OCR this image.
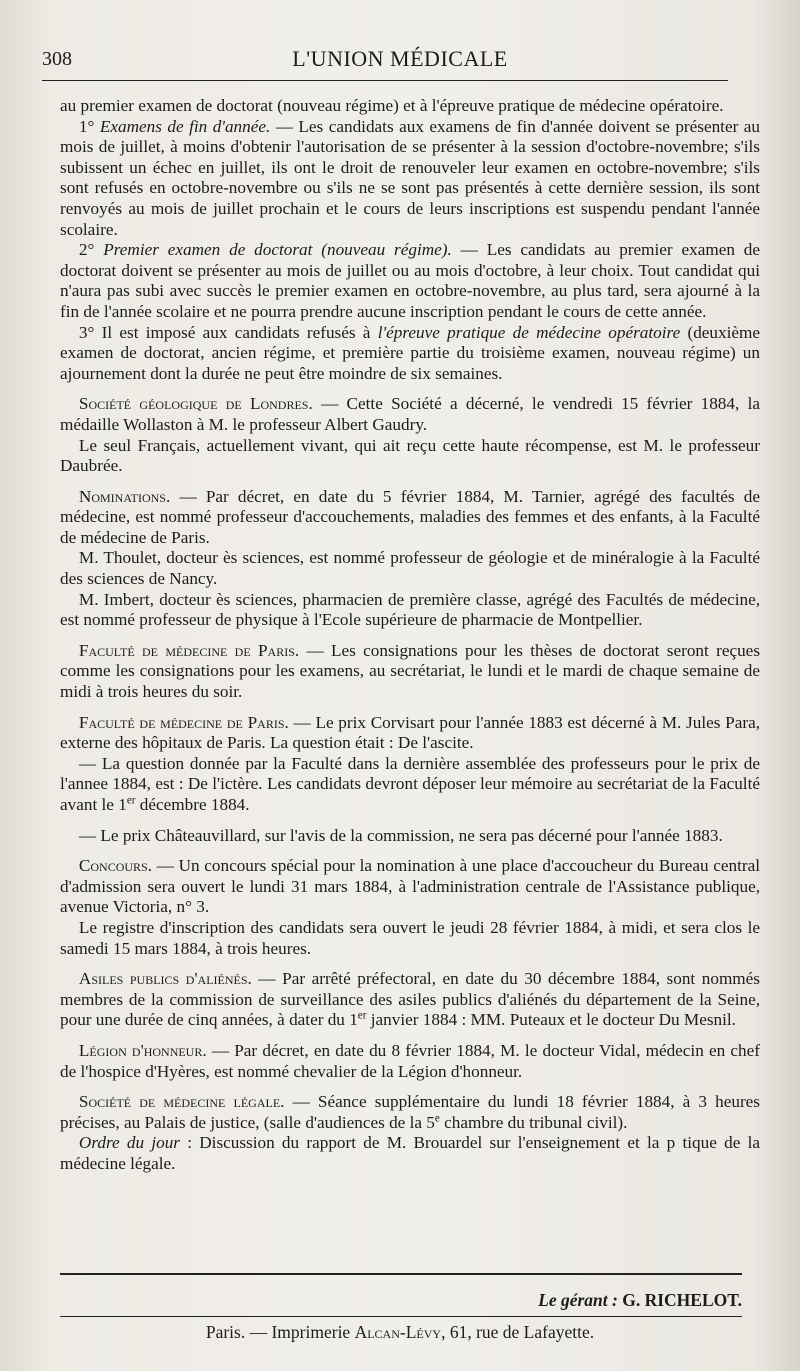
308	L'UNION MÉDICALE

au premier examen de doctorat (nouveau régime) et à l'épreuve pratique de médecine opératoire.

1° Examens de fin d'année. — Les candidats aux examens de fin d'année doivent se présenter au mois de juillet, à moins d'obtenir l'autorisation de se présenter à la session d'octobre-novembre; s'ils subissent un échec en juillet, ils ont le droit de renouveler leur examen en octobre-novembre; s'ils sont refusés en octobre-novembre ou s'ils ne se sont pas présentés à cette dernière session, ils sont renvoyés au mois de juillet prochain et le cours de leurs inscriptions est suspendu pendant l'année scolaire.

2° Premier examen de doctorat (nouveau régime). — Les candidats au premier examen de doctorat doivent se présenter au mois de juillet ou au mois d'octobre, à leur choix. Tout candidat qui n'aura pas subi avec succès le premier examen en octobre-novembre, au plus tard, sera ajourné à la fin de l'année scolaire et ne pourra prendre aucune inscription pendant le cours de cette année.

3° Il est imposé aux candidats refusés à l'épreuve pratique de médecine opératoire (deuxième examen de doctorat, ancien régime, et première partie du troisième examen, nouveau régime) un ajournement dont la durée ne peut être moindre de six semaines.

Société géologique de Londres. — Cette Société a décerné, le vendredi 15 février 1884, la médaille Wollaston à M. le professeur Albert Gaudry.

Le seul Français, actuellement vivant, qui ait reçu cette haute récompense, est M. le professeur Daubrée.

Nominations. — Par décret, en date du 5 février 1884, M. Tarnier, agrégé des facultés de médecine, est nommé professeur d'accouchements, maladies des femmes et des enfants, à la Faculté de médecine de Paris.

M. Thoulet, docteur ès sciences, est nommé professeur de géologie et de minéralogie à la Faculté des sciences de Nancy.

M. Imbert, docteur ès sciences, pharmacien de première classe, agrégé des Facultés de médecine, est nommé professeur de physique à l'Ecole supérieure de pharmacie de Montpellier.

Faculté de médecine de Paris. — Les consignations pour les thèses de doctorat seront reçues comme les consignations pour les examens, au secrétariat, le lundi et le mardi de chaque semaine de midi à trois heures du soir.

Faculté de médecine de Paris. — Le prix Corvisart pour l'année 1883 est décerné à M. Jules Para, externe des hôpitaux de Paris. La question était : De l'ascite.

— La question donnée par la Faculté dans la dernière assemblée des professeurs pour le prix de l'annee 1884, est : De l'ictère. Les candidats devront déposer leur mémoire au secrétariat de la Faculté avant le 1er décembre 1884.

— Le prix Châteauvillard, sur l'avis de la commission, ne sera pas décerné pour l'année 1883.

Concours. — Un concours spécial pour la nomination à une place d'accoucheur du Bureau central d'admission sera ouvert le lundi 31 mars 1884, à l'administration centrale de l'Assistance publique, avenue Victoria, n° 3.

Le registre d'inscription des candidats sera ouvert le jeudi 28 février 1884, à midi, et sera clos le samedi 15 mars 1884, à trois heures.

Asiles publics d'aliénés. — Par arrêté préfectoral, en date du 30 décembre 1884, sont nommés membres de la commission de surveillance des asiles publics d'aliénés du département de la Seine, pour une durée de cinq années, à dater du 1er janvier 1884 : MM. Puteaux et le docteur Du Mesnil.

Légion d'honneur. — Par décret, en date du 8 février 1884, M. le docteur Vidal, médecin en chef de l'hospice d'Hyères, est nommé chevalier de la Légion d'honneur.

Société de médecine légale. — Séance supplémentaire du lundi 18 février 1884, à 3 heures précises, au Palais de justice, (salle d'audiences de la 5e chambre du tribunal civil).

Ordre du jour : Discussion du rapport de M. Brouardel sur l'enseignement et la p tique de la médecine légale.

Le gérant : G. RICHELOT.
Paris. — Imprimerie Alcan-Lévy, 61, rue de Lafayette.
